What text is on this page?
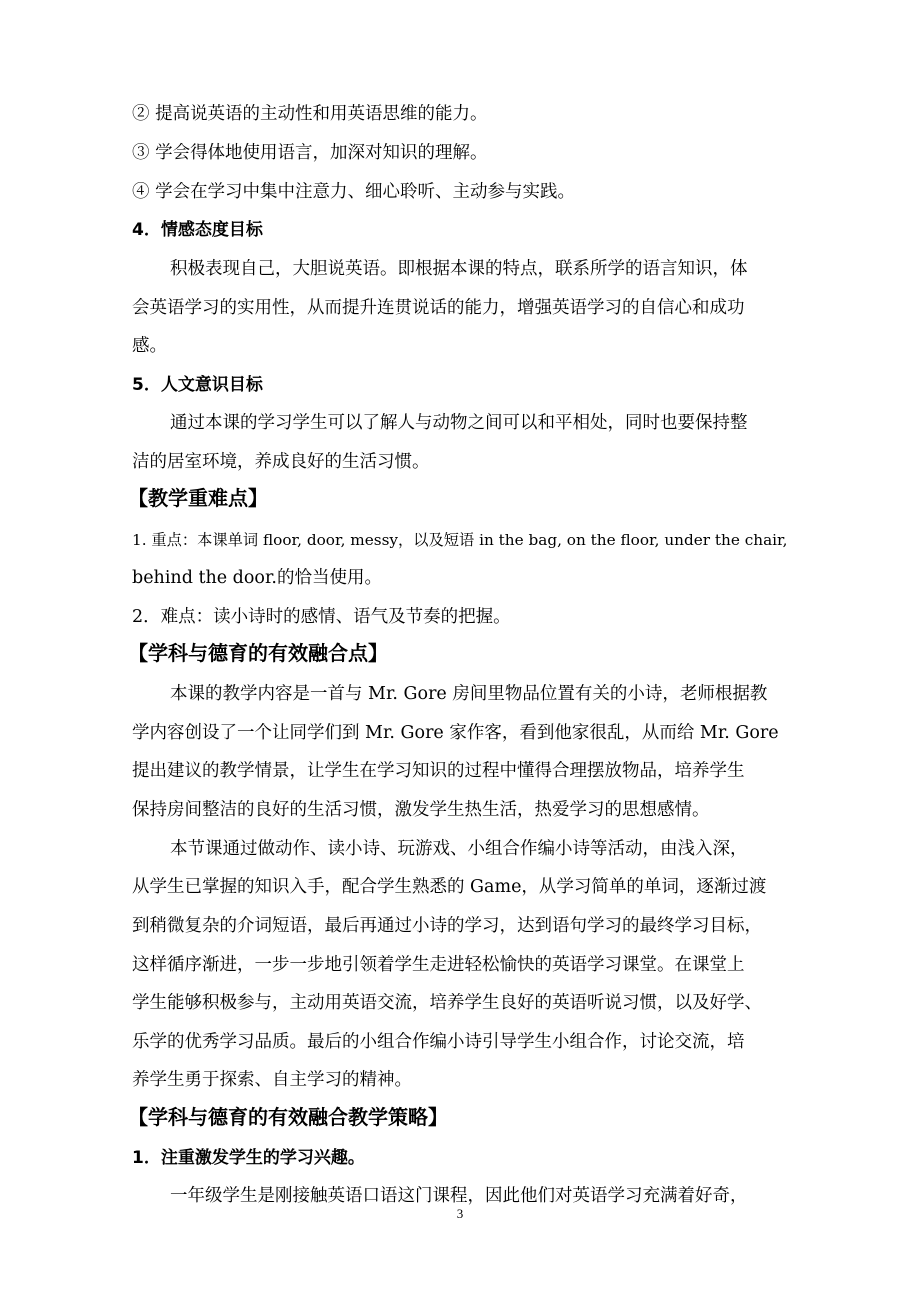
② 提高说英语的主动性和用英语思维的能力。
③ 学会得体地使用语言，加深对知识的理解。
④ 学会在学习中集中注意力、细心聆听、主动参与实践。
4．情感态度目标
积极表现自己，大胆说英语。即根据本课的特点，联系所学的语言知识，体
会英语学习的实用性，从而提升连贯说话的能力，增强英语学习的自信心和成功
感。
5．人文意识目标
通过本课的学习学生可以了解人与动物之间可以和平相处，同时也要保持整
洁的居室环境，养成良好的生活习惯。
【教学重难点】
1. 重点：本课单词 floor, door, messy，以及短语 in the bag, on the floor, under the chair,
behind the door.的恰当使用。
2．难点：读小诗时的感情、语气及节奏的把握。
【学科与德育的有效融合点】
本课的教学内容是一首与 Mr. Gore 房间里物品位置有关的小诗，老师根据教
学内容创设了一个让同学们到 Mr. Gore 家作客，看到他家很乱，从而给 Mr. Gore
提出建议的教学情景，让学生在学习知识的过程中懂得合理摆放物品，培养学生
保持房间整洁的良好的生活习惯，激发学生热生活，热爱学习的思想感情。
本节课通过做动作、读小诗、玩游戏、小组合作编小诗等活动，由浅入深，
从学生已掌握的知识入手，配合学生熟悉的 Game，从学习简单的单词，逐渐过渡
到稍微复杂的介词短语，最后再通过小诗的学习，达到语句学习的最终学习目标，
这样循序渐进，一步一步地引领着学生走进轻松愉快的英语学习课堂。在课堂上
学生能够积极参与，主动用英语交流，培养学生良好的英语听说习惯，以及好学、
乐学的优秀学习品质。最后的小组合作编小诗引导学生小组合作，讨论交流，培
养学生勇于探索、自主学习的精神。
【学科与德育的有效融合教学策略】
1．注重激发学生的学习兴趣。
一年级学生是刚接触英语口语这门课程，因此他们对英语学习充满着好奇，
3
